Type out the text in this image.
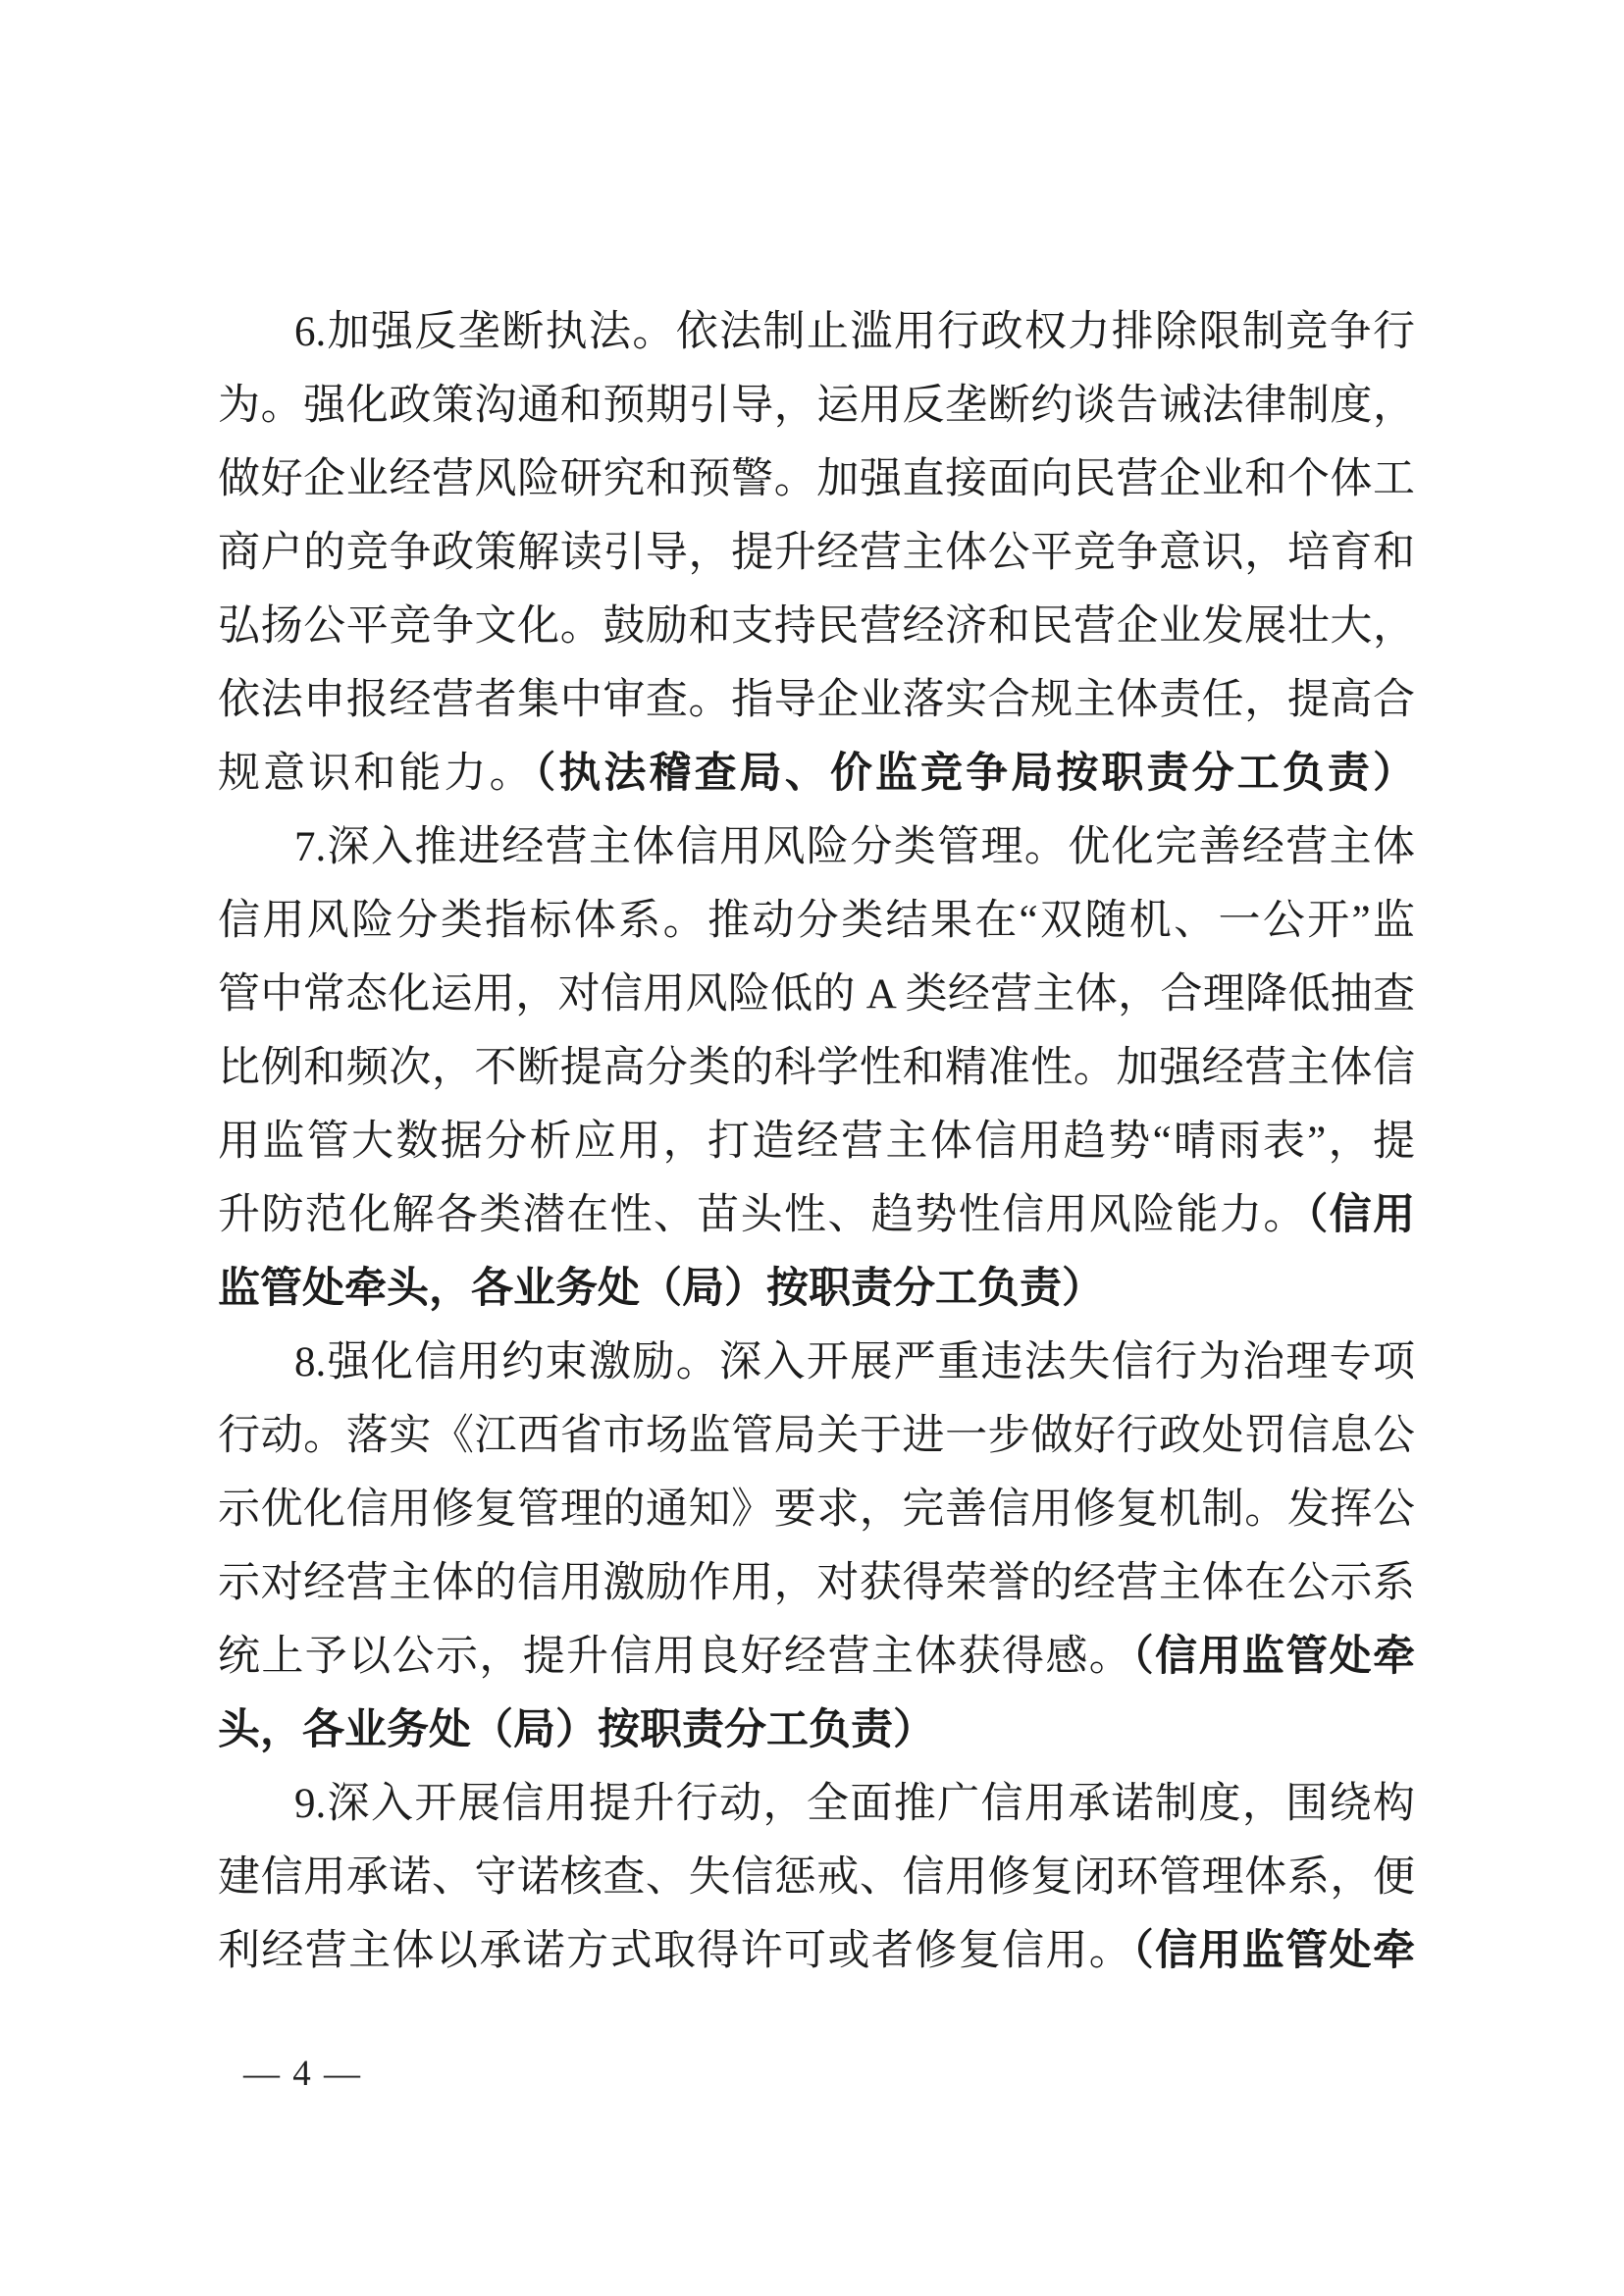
6.加强反垄断执法。依法制止滥用行政权力排除限制竞争行
为。强化政策沟通和预期引导，运用反垄断约谈告诫法律制度，
做好企业经营风险研究和预警。加强直接面向民营企业和个体工
商户的竞争政策解读引导，提升经营主体公平竞争意识，培育和
弘扬公平竞争文化。鼓励和支持民营经济和民营企业发展壮大，
依法申报经营者集中审查。指导企业落实合规主体责任，提高合
规意识和能力。（执法稽查局、价监竞争局按职责分工负责）
7.深入推进经营主体信用风险分类管理。优化完善经营主体
信用风险分类指标体系。推动分类结果在“双随机、一公开”监
管中常态化运用，对信用风险低的 A 类经营主体，合理降低抽查
比例和频次，不断提高分类的科学性和精准性。加强经营主体信
用监管大数据分析应用，打造经营主体信用趋势“晴雨表”，提
升防范化解各类潜在性、苗头性、趋势性信用风险能力。（信用
监管处牵头，各业务处（局）按职责分工负责）
8.强化信用约束激励。深入开展严重违法失信行为治理专项
行动。落实《江西省市场监管局关于进一步做好行政处罚信息公
示优化信用修复管理的通知》要求，完善信用修复机制。发挥公
示对经营主体的信用激励作用，对获得荣誉的经营主体在公示系
统上予以公示，提升信用良好经营主体获得感。（信用监管处牵
头，各业务处（局）按职责分工负责）
9.深入开展信用提升行动，全面推广信用承诺制度，围绕构
建信用承诺、守诺核查、失信惩戒、信用修复闭环管理体系，便
利经营主体以承诺方式取得许可或者修复信用。（信用监管处牵
— 4 —
